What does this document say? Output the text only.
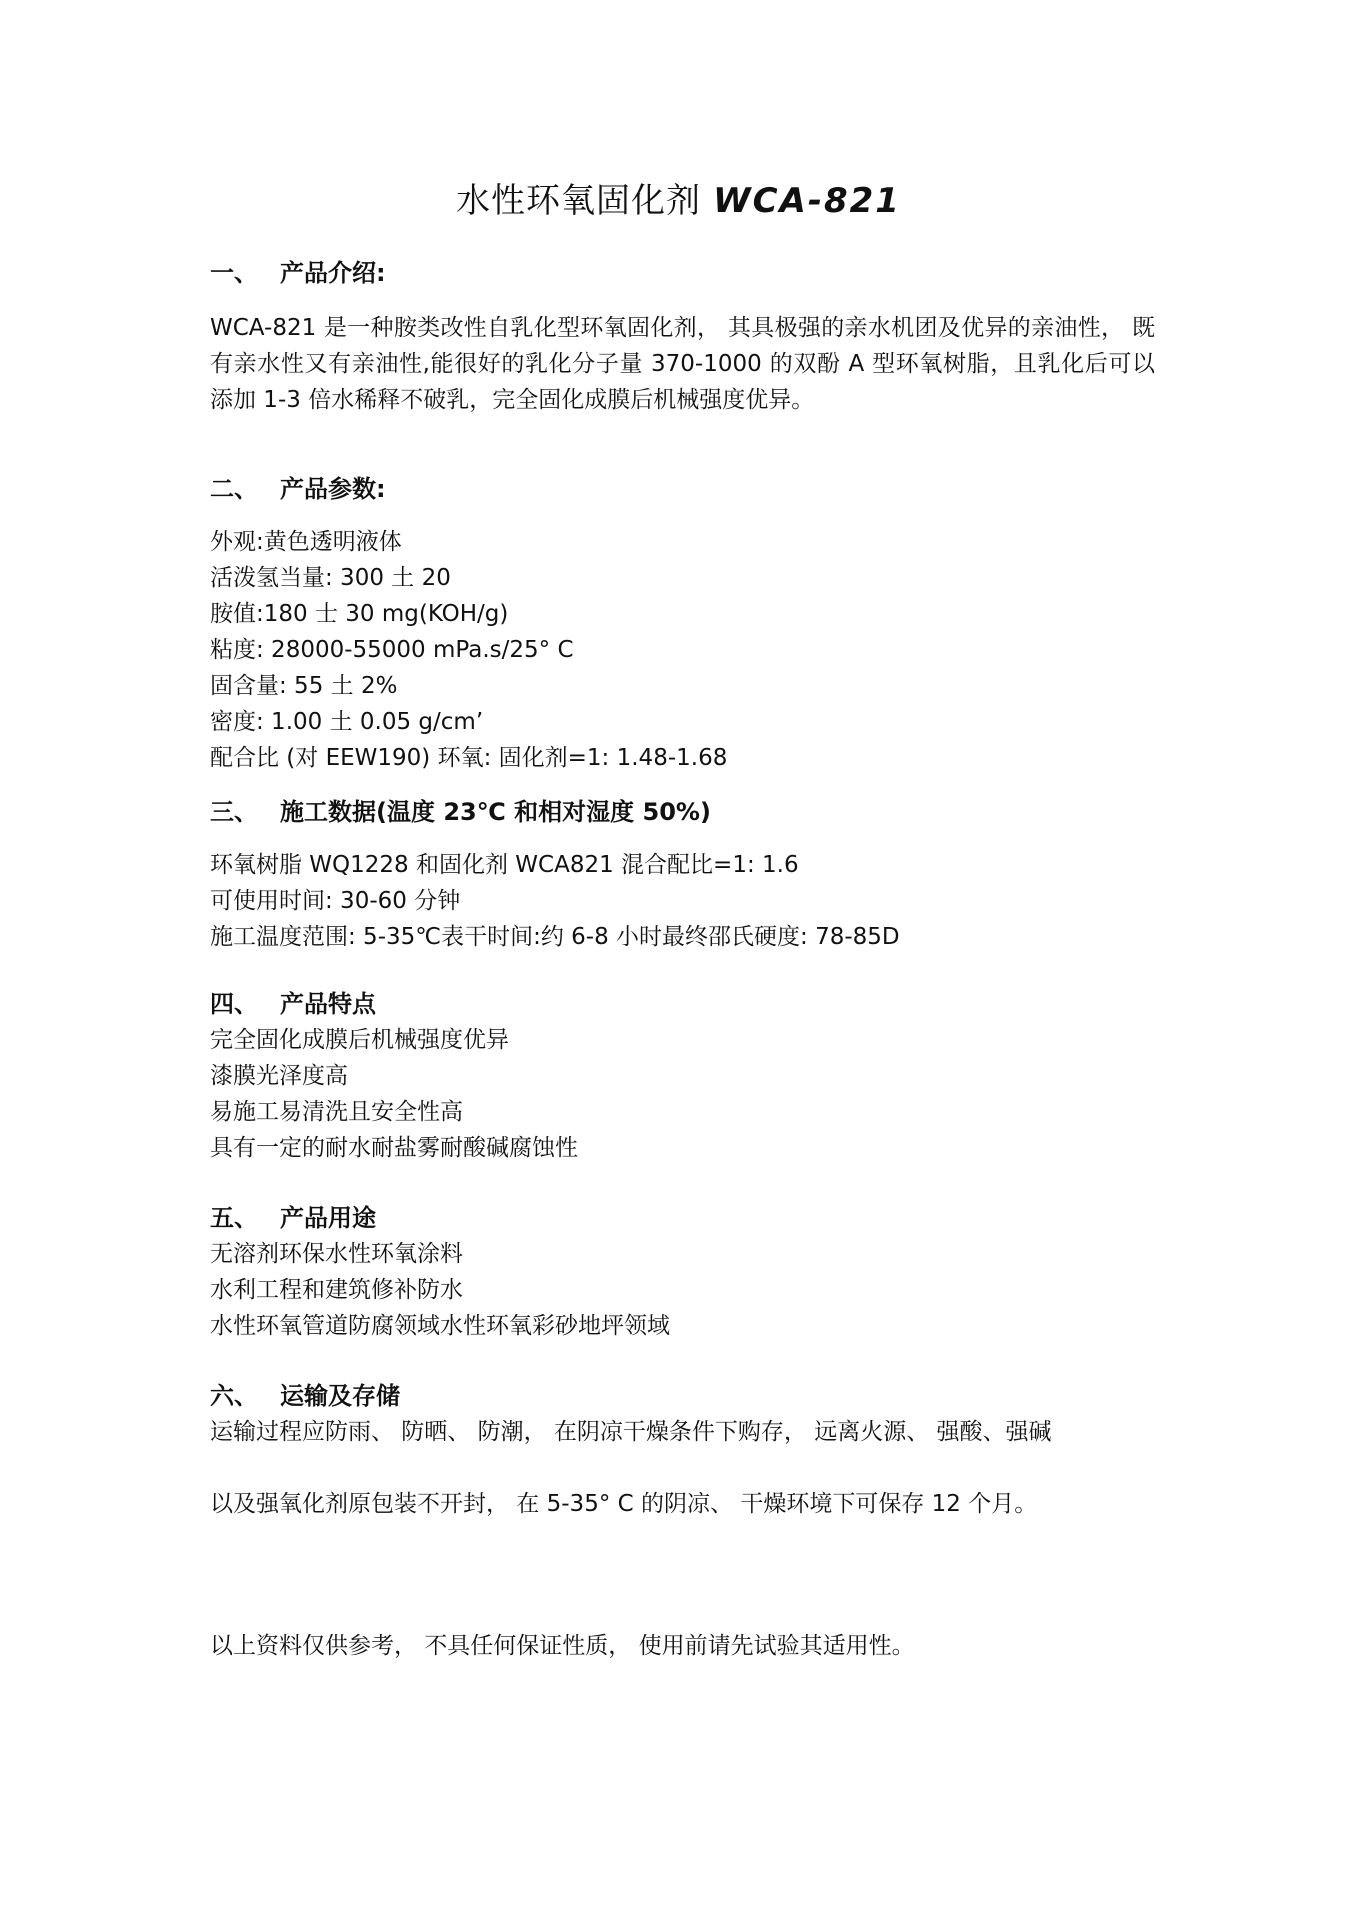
水性环氧固化剂 WCA-821
一、 产品介绍:
WCA-821 是一种胺类改性自乳化型环氧固化剂， 其具极强的亲水机团及优异的亲油性， 既有亲水性又有亲油性,能很好的乳化分子量 370-1000 的双酚 A 型环氧树脂，且乳化后可以添加 1-3 倍水稀释不破乳，完全固化成膜后机械强度优异。
二、 产品参数:
外观:黄色透明液体
活泼氢当量: 300 土 20
胺值:180 士 30 mg(KOH/g)
粘度: 28000-55000 mPa.s/25° C
固含量: 55 土 2%
密度: 1.00 土 0.05 g/cm’
配合比 (对 EEW190) 环氧: 固化剂=1: 1.48-1.68
三、 施工数据(温度 23℃ 和相对湿度 50%)
环氧树脂 WQ1228 和固化剂 WCA821 混合配比=1: 1.6
可使用时间: 30-60 分钟
施工温度范围: 5-35℃表干时间:约 6-8 小时最终邵氏硬度: 78-85D
四、 产品特点
完全固化成膜后机械强度优异
漆膜光泽度高
易施工易清洗且安全性高
具有一定的耐水耐盐雾耐酸碱腐蚀性
五、 产品用途
无溶剂环保水性环氧涂料
水利工程和建筑修补防水
水性环氧管道防腐领域水性环氧彩砂地坪领域
六、 运输及存储
运输过程应防雨、 防晒、 防潮， 在阴凉干燥条件下购存， 远离火源、 强酸、强碱
以及强氧化剂原包装不开封， 在 5-35° C 的阴凉、 干燥环境下可保存 12 个月。
以上资料仅供参考， 不具任何保证性质， 使用前请先试验其适用性。
